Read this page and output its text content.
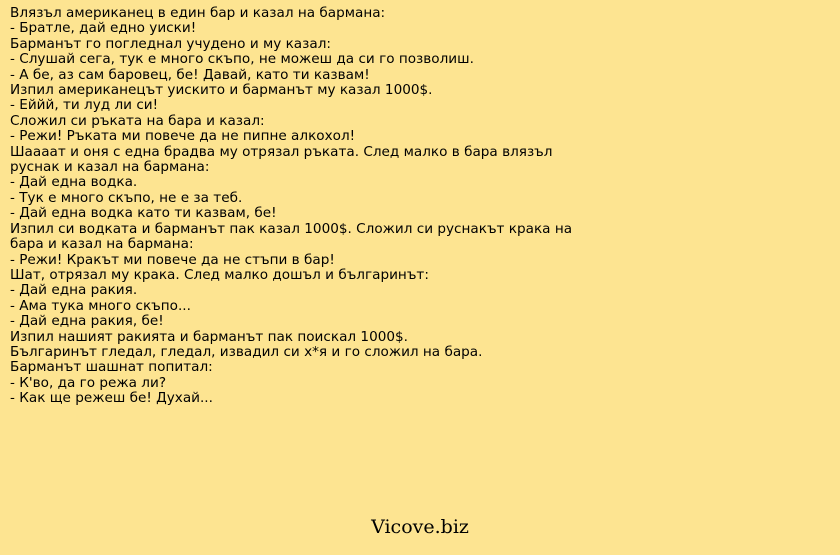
Влязъл американец в един бар и казал на бармана:
- Братле, дай едно уиски!
Барманът го погледнал учудено и му казал:
- Слушай сега, тук е много скъпо, не можеш да си го позволиш.
- А бе, аз сам баровец, бе! Давай, като ти казвам!
Изпил американецът уискито и барманът му казал 1000$.
- Еййй, ти луд ли си!
Сложил си ръката на бара и казал:
- Режи! Ръката ми повече да не пипне алкохол!
Шаааат и оня с една брадва му отрязал ръката. След малко в бара влязъл
руснак и казал на бармана:
- Дай една водка.
- Тук е много скъпо, не е за теб.
- Дай една водка като ти казвам, бе!
Изпил си водката и барманът пак казал 1000$. Сложил си руснакът крака на
бара и казал на бармана:
- Режи! Кракът ми повече да не стъпи в бар!
Шат, отрязал му крака. След малко дошъл и българинът:
- Дай една ракия.
- Ама тука много скъпо...
- Дай една ракия, бе!
Изпил нашият ракията и барманът пак поискал 1000$.
Българинът гледал, гледал, извадил си х*я и го сложил на бара.
Барманът шашнат попитал:
- К'во, да го режа ли?
- Как ще режеш бе! Духай...
Vicove.biz
